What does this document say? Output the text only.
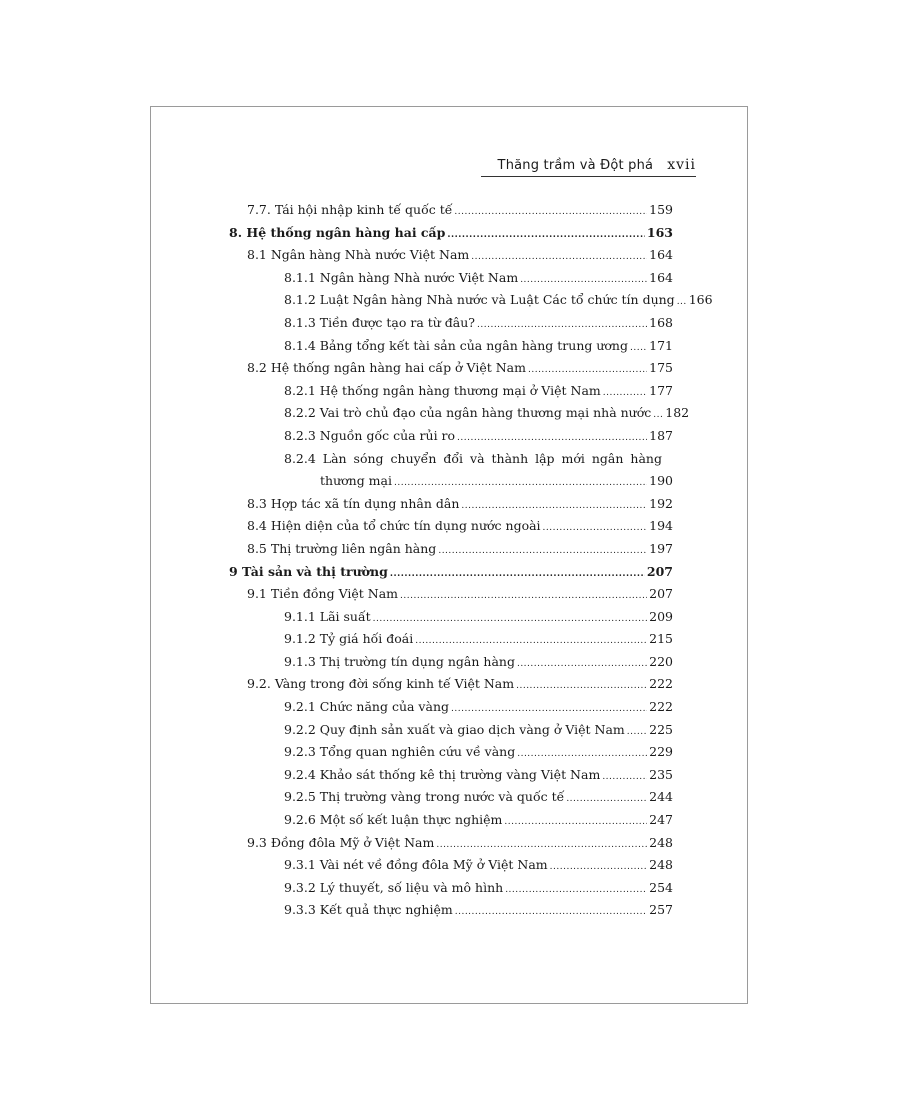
Thăng trầm và Đột phá xvii
7.7. Tái hội nhập kinh tế quốc tế .....	159
8. Hệ thống ngân hàng hai cấp .....	163
8.1 Ngân hàng Nhà nước Việt Nam .....	164
8.1.1 Ngân hàng Nhà nước Việt Nam .....	164
8.1.2 Luật Ngân hàng Nhà nước và Luật Các tổ chức tín dụng ..... 166
8.1.3 Tiền được tạo ra từ đâu? .....	168
8.1.4 Bảng tổng kết tài sản của ngân hàng trung ương ..... 171
8.2 Hệ thống ngân hàng hai cấp ở Việt Nam .....	175
8.2.1 Hệ thống ngân hàng thương mại ở Việt Nam .....	177
8.2.2 Vai trò chủ đạo của ngân hàng thương mại nhà nước ..... 182
8.2.3 Nguồn gốc của rủi ro .....	187
8.2.4 Làn sóng chuyển đổi và thành lập mới ngân hàng
thương mại .....	190
8.3 Hợp tác xã tín dụng nhân dân .....	192
8.4 Hiện diện của tổ chức tín dụng nước ngoài .....	194
8.5 Thị trường liên ngân hàng .....	197
9 Tài sản và thị trường .....	207
9.1 Tiền đồng Việt Nam .....	207
9.1.1 Lãi suất .....	209
9.1.2 Tỷ giá hối đoái .....	215
9.1.3 Thị trường tín dụng ngân hàng .....	220
9.2. Vàng trong đời sống kinh tế Việt Nam .....	222
9.2.1 Chức năng của vàng .....	222
9.2.2 Quy định sản xuất và giao dịch vàng ở Việt Nam ..... 225
9.2.3 Tổng quan nghiên cứu về vàng .....	229
9.2.4 Khảo sát thống kê thị trường vàng Việt Nam .....	235
9.2.5 Thị trường vàng trong nước và quốc tế .....	244
9.2.6 Một số kết luận thực nghiệm .....	247
9.3 Đồng đôla Mỹ ở Việt Nam .....	248
9.3.1 Vài nét về đồng đôla Mỹ ở Việt Nam .....	248
9.3.2 Lý thuyết, số liệu và mô hình .....	254
9.3.3 Kết quả thực nghiệm .....	257
